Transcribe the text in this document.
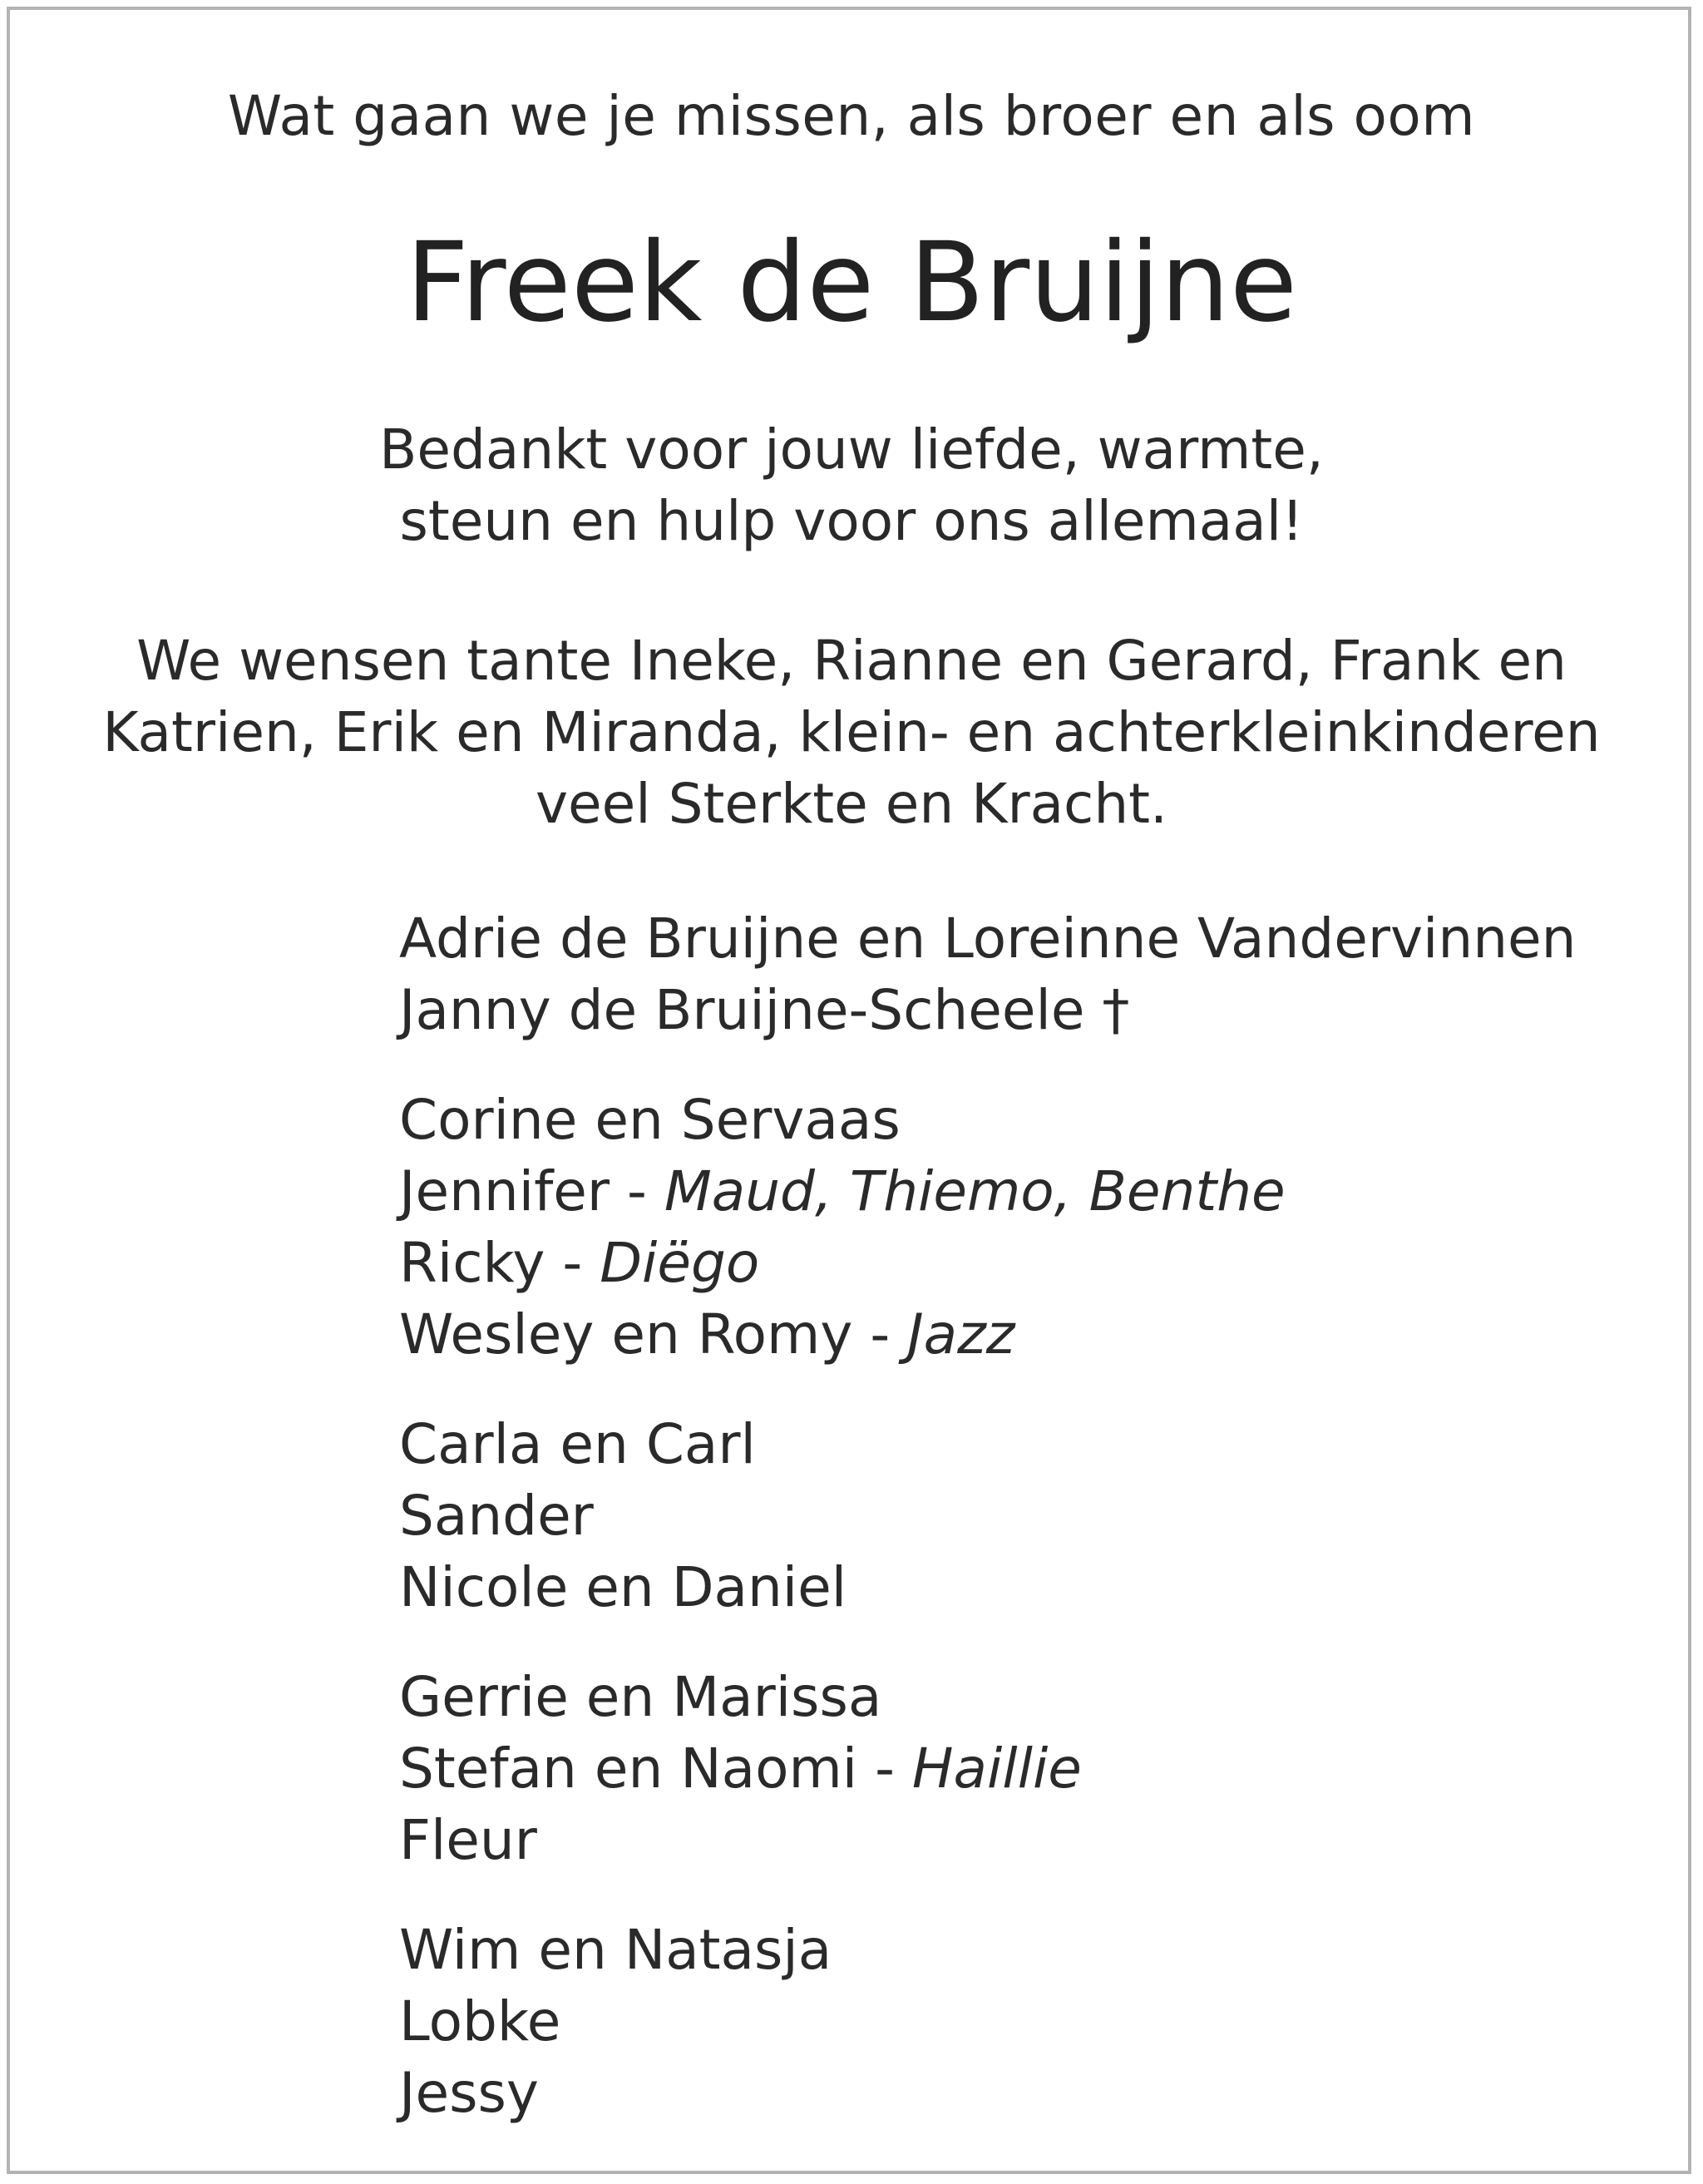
Wat gaan we je missen, als broer en als oom

Freek de Bruijne

Bedankt voor jouw liefde, warmte,
steun en hulp voor ons allemaal!

We wensen tante Ineke, Rianne en Gerard, Frank en
Katrien, Erik en Miranda, klein- en achterkleinkinderen
veel Sterkte en Kracht.

Adrie de Bruijne en Loreinne Vandervinnen
Janny de Bruijne-Scheele †
Corine en Servaas
Jennifer - Maud, Thiemo, Benthe
Ricky - Diëgo
Wesley en Romy - Jazz
Carla en Carl
Sander
Nicole en Daniel
Gerrie en Marissa
Stefan en Naomi - Haillie
Fleur
Wim en Natasja
Lobke
Jessy
